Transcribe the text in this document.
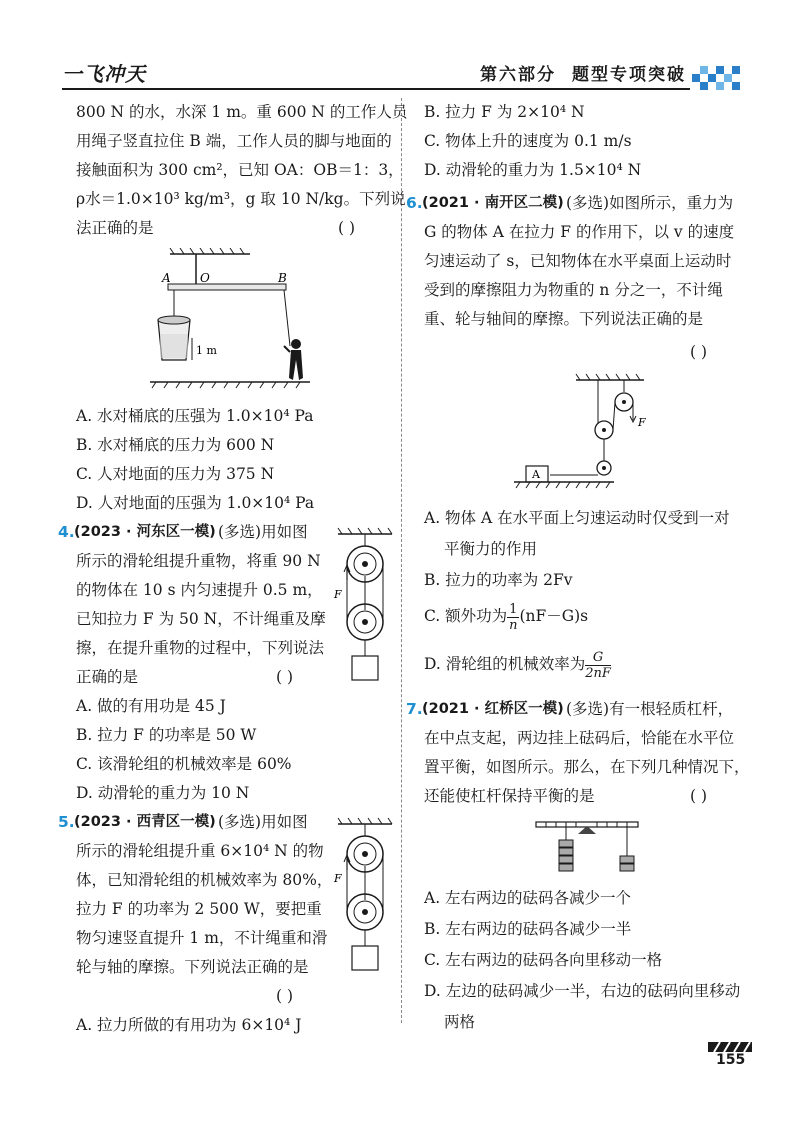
一飞冲天	第六部分 题型专项突破
800 N 的水，水深 1 m。重 600 N 的工作人员
用绳子竖直拉住 B 端，工作人员的脚与地面的
接触面积为 300 cm²，已知 OA：OB＝1：3，
ρ水＝1.0×10³ kg/m³，g 取 10 N/kg。下列说
法正确的是	( )
A O	B
1 m
A. 水对桶底的压强为 1.0×10⁴ Pa
B. 水对桶底的压力为 600 N
C. 人对地面的压力为 375 N
D. 人对地面的压强为 1.0×10⁴ Pa
4. (2023 · 河东区一模) (多选)用如图
所示的滑轮组提升重物，将重 90 N
的物体在 10 s 内匀速提升 0.5 m，
已知拉力 F 为 50 N，不计绳重及摩
擦，在提升重物的过程中，下列说法
正确的是	( )
F
A. 做的有用功是 45 J
B. 拉力 F 的功率是 50 W
C. 该滑轮组的机械效率是 60%
D. 动滑轮的重力为 10 N
5. (2023 · 西青区一模) (多选)用如图
所示的滑轮组提升重 6×10⁴ N 的物
体，已知滑轮组的机械效率为 80%，
拉力 F 的功率为 2 500 W，要把重
物匀速竖直提升 1 m，不计绳重和滑
轮与轴的摩擦。下列说法正确的是
( )
F
A. 拉力所做的有用功为 6×10⁴ J
B. 拉力 F 为 2×10⁴ N
C. 物体上升的速度为 0.1 m/s
D. 动滑轮的重力为 1.5×10⁴ N
6. (2021 · 南开区二模) (多选)如图所示，重力为
G 的物体 A 在拉力 F 的作用下，以 v 的速度
匀速运动了 s，已知物体在水平桌面上运动时
受到的摩擦阻力为物重的 n 分之一，不计绳
重、轮与轴间的摩擦。下列说法正确的是
( )
F
A
A. 物体 A 在水平面上匀速运动时仅受到一对
平衡力的作用
B. 拉力的功率为 2Fv
C. 额外功为 $\frac{1}{n} (nF-G)s$
D. 滑轮组的机械效率为 $\frac{G}{2nF}$
7. (2021 · 红桥区一模) (多选)有一根轻质杠杆，
在中点支起，两边挂上砝码后，恰能在水平位
置平衡，如图所示。那么，在下列几种情况下，
还能使杠杆保持平衡的是	( )
A. 左右两边的砝码各减少一个
B. 左右两边的砝码各减少一半
C. 左右两边的砝码各向里移动一格
D. 左边的砝码减少一半，右边的砝码向里移动
两格
155
